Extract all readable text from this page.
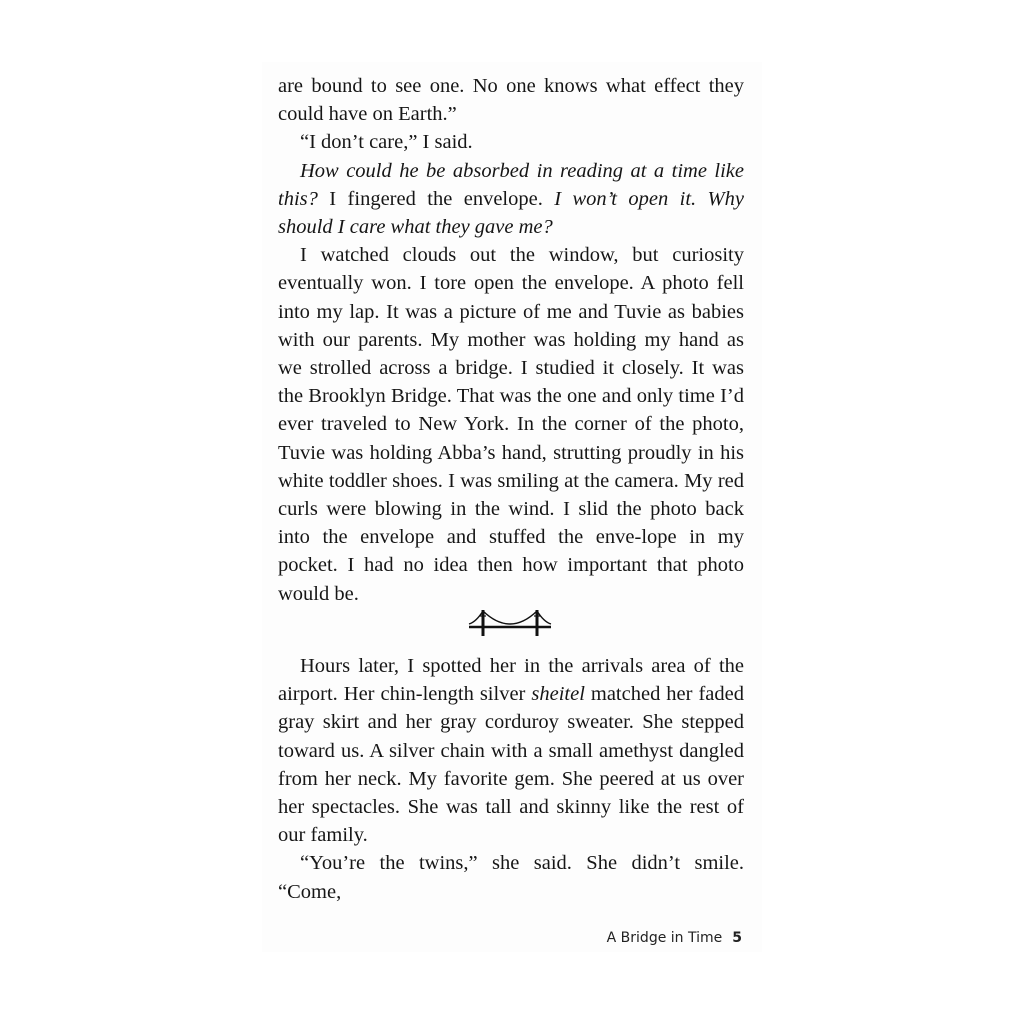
are bound to see one. No one knows what effect they could have on Earth.”

“I don’t care,” I said.

How could he be absorbed in reading at a time like this? I fingered the envelope. I won’t open it. Why should I care what they gave me?

I watched clouds out the window, but curiosity eventually won. I tore open the envelope. A photo fell into my lap. It was a picture of me and Tuvie as babies with our parents. My mother was holding my hand as we strolled across a bridge. I studied it closely. It was the Brooklyn Bridge. That was the one and only time I’d ever traveled to New York. In the corner of the photo, Tuvie was holding Abba’s hand, strutting proudly in his white toddler shoes. I was smiling at the camera. My red curls were blowing in the wind. I slid the photo back into the envelope and stuffed the enve-lope in my pocket. I had no idea then how important that photo would be.

Hours later, I spotted her in the arrivals area of the airport. Her chin-length silver sheitel matched her faded gray skirt and her gray corduroy sweater. She stepped toward us. A silver chain with a small amethyst dangled from her neck. My favorite gem. She peered at us over her spectacles. She was tall and skinny like the rest of our family.

“You’re the twins,” she said. She didn’t smile. “Come,

A Bridge in Time 5
